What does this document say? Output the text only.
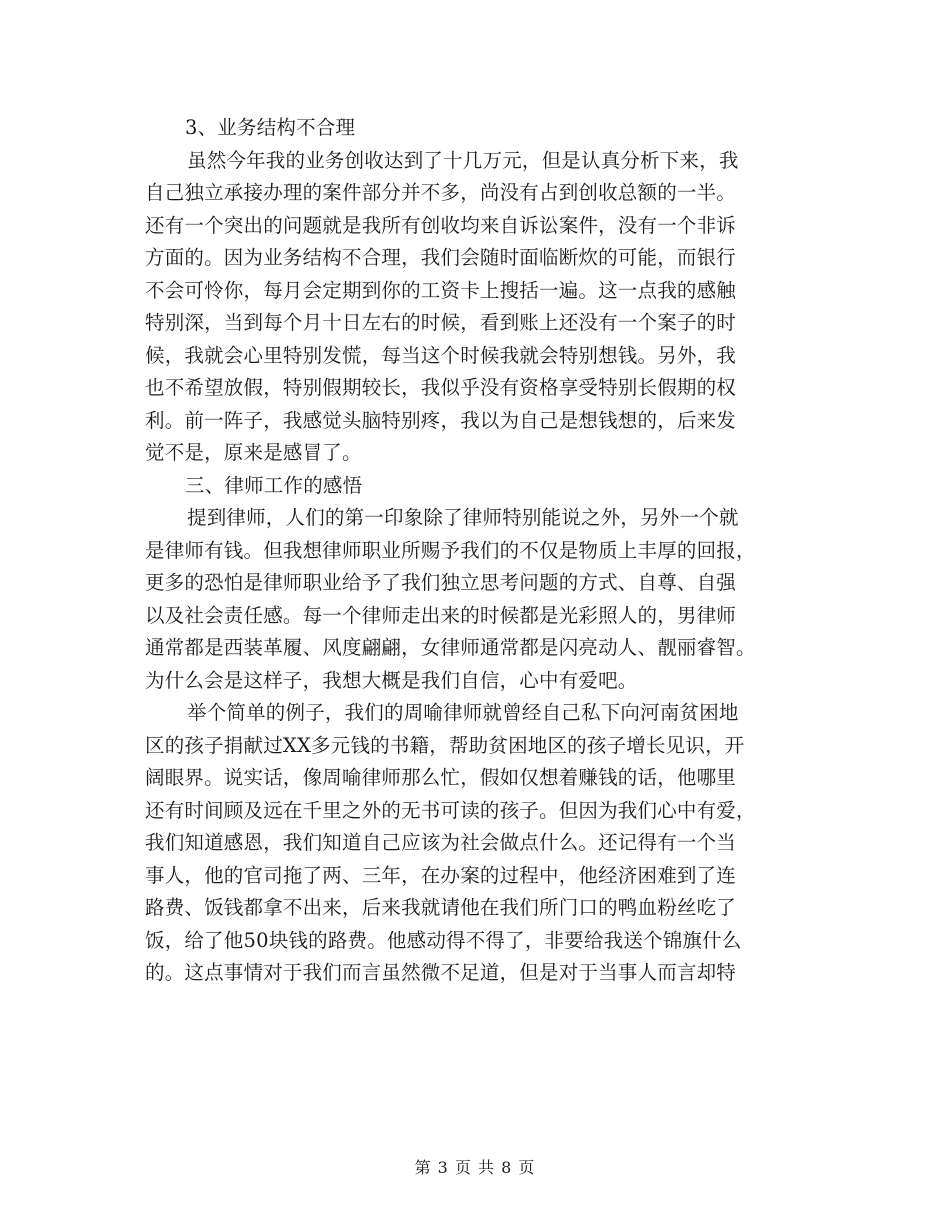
3、业务结构不合理
虽然今年我的业务创收达到了十几万元，但是认真分析下来，我
自己独立承接办理的案件部分并不多，尚没有占到创收总额的一半。
还有一个突出的问题就是我所有创收均来自诉讼案件，没有一个非诉
方面的。因为业务结构不合理，我们会随时面临断炊的可能，而银行
不会可怜你，每月会定期到你的工资卡上搜括一遍。这一点我的感触
特别深，当到每个月十日左右的时候，看到账上还没有一个案子的时
候，我就会心里特别发慌，每当这个时候我就会特别想钱。另外，我
也不希望放假，特别假期较长，我似乎没有资格享受特别长假期的权
利。前一阵子，我感觉头脑特别疼，我以为自己是想钱想的，后来发
觉不是，原来是感冒了。
三、律师工作的感悟
提到律师，人们的第一印象除了律师特别能说之外，另外一个就
是律师有钱。但我想律师职业所赐予我们的不仅是物质上丰厚的回报，
更多的恐怕是律师职业给予了我们独立思考问题的方式、自尊、自强
以及社会责任感。每一个律师走出来的时候都是光彩照人的，男律师
通常都是西装革履、风度翩翩，女律师通常都是闪亮动人、靓丽睿智。
为什么会是这样子，我想大概是我们自信，心中有爱吧。
举个简单的例子，我们的周喻律师就曾经自己私下向河南贫困地
区的孩子捐献过XX多元钱的书籍，帮助贫困地区的孩子增长见识，开
阔眼界。说实话，像周喻律师那么忙，假如仅想着赚钱的话，他哪里
还有时间顾及远在千里之外的无书可读的孩子。但因为我们心中有爱，
我们知道感恩，我们知道自己应该为社会做点什么。还记得有一个当
事人，他的官司拖了两、三年，在办案的过程中，他经济困难到了连
路费、饭钱都拿不出来，后来我就请他在我们所门口的鸭血粉丝吃了
饭，给了他50块钱的路费。他感动得不得了，非要给我送个锦旗什么
的。这点事情对于我们而言虽然微不足道，但是对于当事人而言却特
第 3 页 共 8 页
